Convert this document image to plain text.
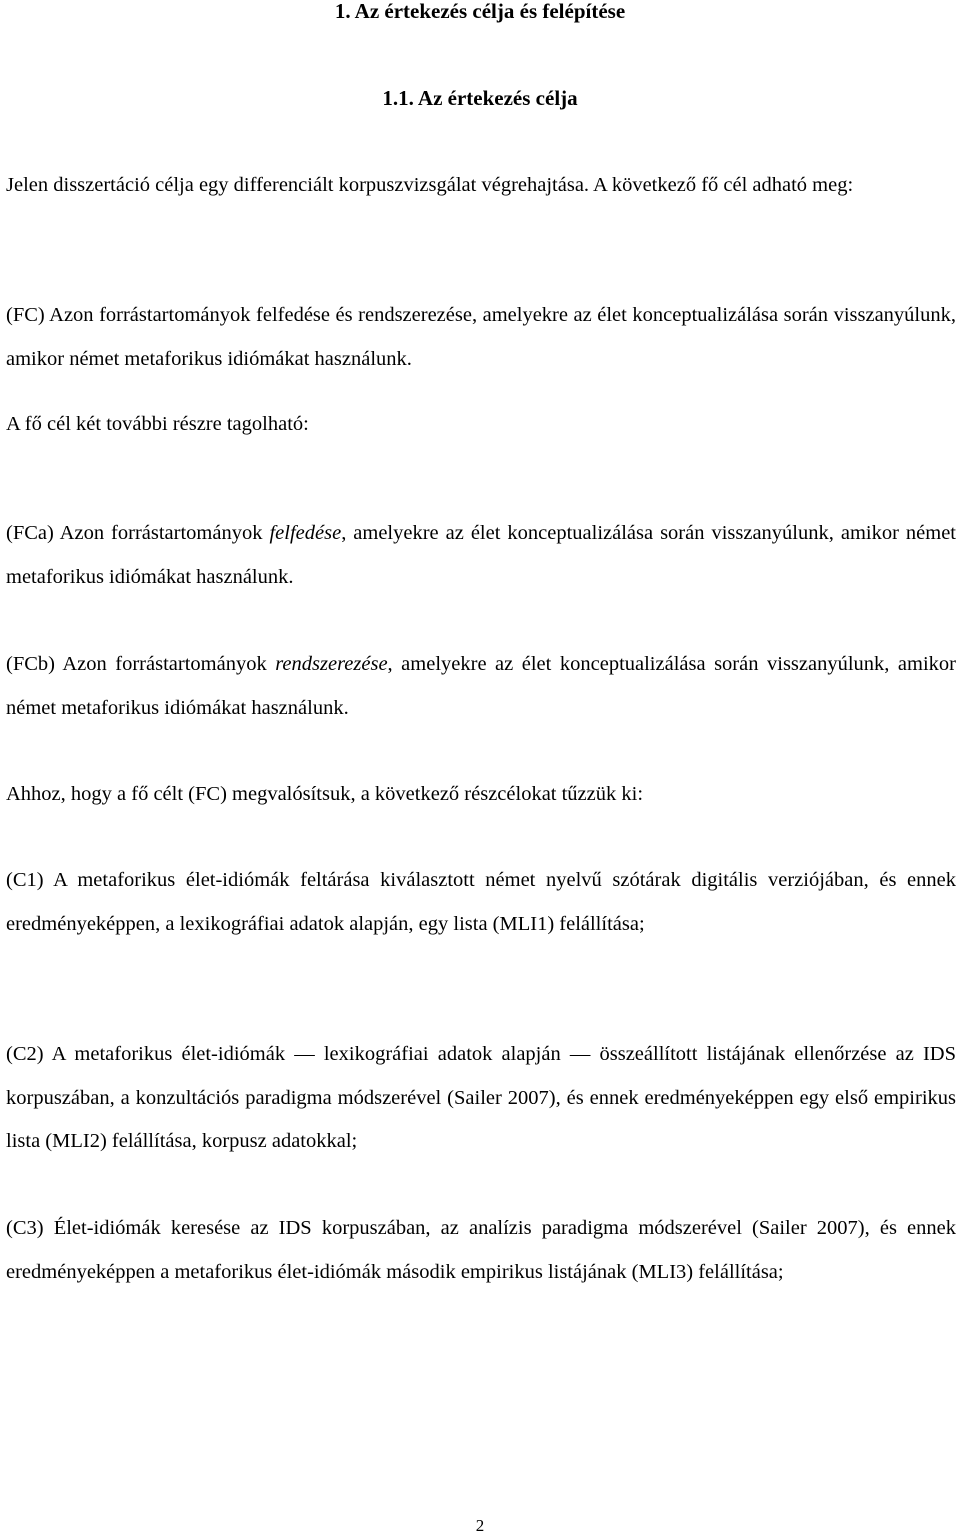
1. Az értekezés célja és felépítése
1.1. Az értekezés célja

Jelen disszertáció célja egy differenciált korpuszvizsgálat végrehajtása. A következő fő cél adható meg:

(FC) Azon forrástartományok felfedése és rendszerezése, amelyekre az élet konceptualizálása során visszanyúlunk, amikor német metaforikus idiómákat használunk.

A fő cél két további részre tagolható:

(FCa) Azon forrástartományok felfedése, amelyekre az élet konceptualizálása során visszanyúlunk, amikor német metaforikus idiómákat használunk.

(FCb) Azon forrástartományok rendszerezése, amelyekre az élet konceptualizálása során visszanyúlunk, amikor német metaforikus idiómákat használunk.

Ahhoz, hogy a fő célt (FC) megvalósítsuk, a következő részcélokat tűzzük ki:

(C1) A metaforikus élet-idiómák feltárása kiválasztott német nyelvű szótárak digitális verziójában, és ennek eredményeképpen, a lexikográfiai adatok alapján, egy lista (MLI1) felállítása;

(C2) A metaforikus élet-idiómák — lexikográfiai adatok alapján — összeállított listájának ellenőrzése az IDS korpuszában, a konzultációs paradigma módszerével (Sailer 2007), és ennek eredményeképpen egy első empirikus lista (MLI2) felállítása, korpusz adatokkal;

(C3) Élet-idiómák keresése az IDS korpuszában, az analízis paradigma módszerével (Sailer 2007), és ennek eredményeképpen a metaforikus élet-idiómák második empirikus listájának (MLI3) felállítása;

2
